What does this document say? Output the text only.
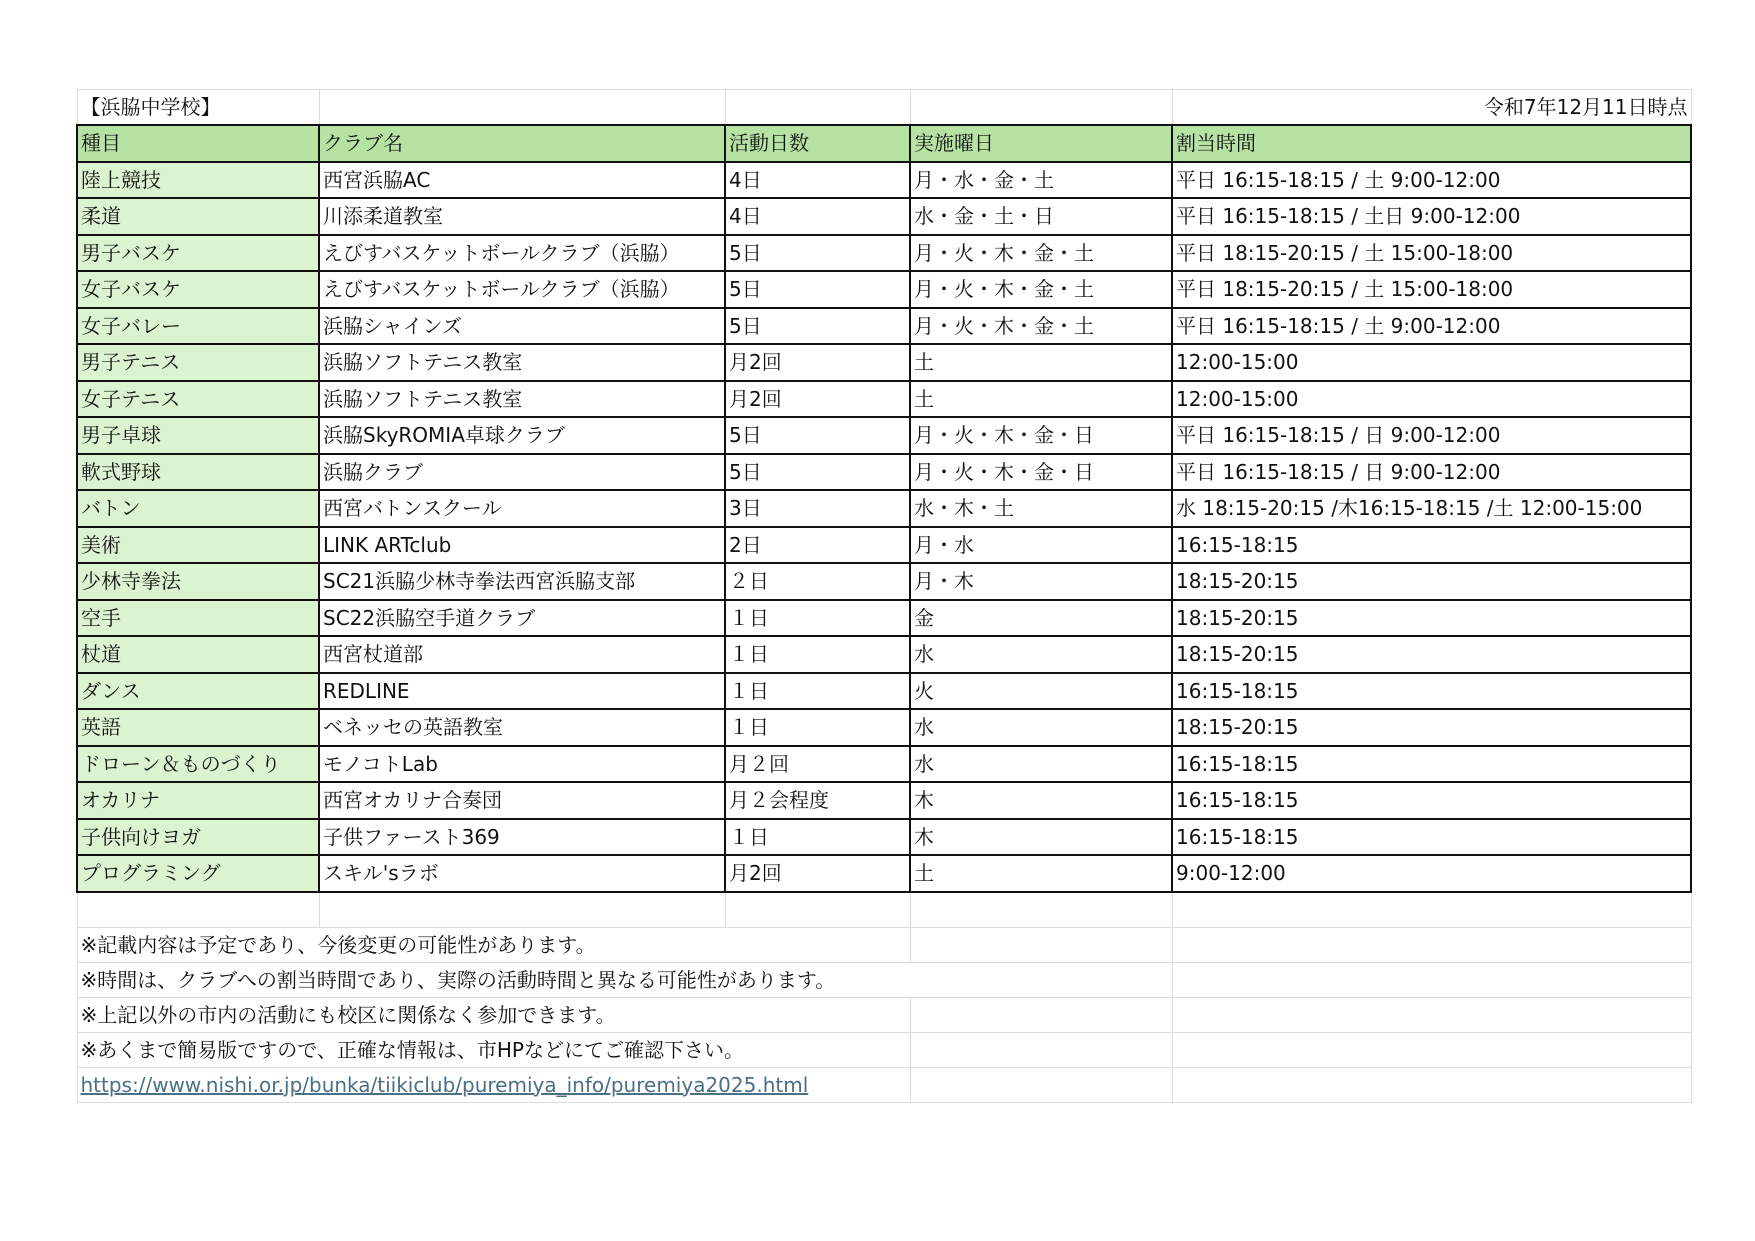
【浜脇中学校】				令和7年12月11日時点
種目	クラブ名	活動日数	実施曜日	割当時間
陸上競技	西宮浜脇AC	4日	月・水・金・土	平日 16:15-18:15 / 土 9:00-12:00
柔道	川添柔道教室	4日	水・金・土・日	平日 16:15-18:15 / 土日 9:00-12:00
男子バスケ	えびすバスケットボールクラブ（浜脇）	5日	月・火・木・金・土	平日 18:15-20:15 / 土 15:00-18:00
女子バスケ	えびすバスケットボールクラブ（浜脇）	5日	月・火・木・金・土	平日 18:15-20:15 / 土 15:00-18:00
女子バレー	浜脇シャインズ	5日	月・火・木・金・土	平日 16:15-18:15 / 土 9:00-12:00
男子テニス	浜脇ソフトテニス教室	月2回	土	12:00-15:00
女子テニス	浜脇ソフトテニス教室	月2回	土	12:00-15:00
男子卓球	浜脇SkyROMIA卓球クラブ	5日	月・火・木・金・日	平日 16:15-18:15 / 日 9:00-12:00
軟式野球	浜脇クラブ	5日	月・火・木・金・日	平日 16:15-18:15 / 日 9:00-12:00
バトン	西宮バトンスクール	3日	水・木・土	水 18:15-20:15 /木16:15-18:15 /土 12:00-15:00
美術	LINK ARTclub	2日	月・水	16:15-18:15
少林寺拳法	SC21浜脇少林寺拳法西宮浜脇支部	２日	月・木	18:15-20:15
空手	SC22浜脇空手道クラブ	１日	金	18:15-20:15
杖道	西宮杖道部	１日	水	18:15-20:15
ダンス	REDLINE	１日	火	16:15-18:15
英語	ベネッセの英語教室	１日	水	18:15-20:15
ドローン＆ものづくり	モノコトLab	月２回	水	16:15-18:15
オカリナ	西宮オカリナ合奏団	月２会程度	木	16:15-18:15
子供向けヨガ	子供ファースト369	１日	木	16:15-18:15
プログラミング	スキル'sラボ	月2回	土	9:00-12:00

※記載内容は予定であり、今後変更の可能性があります。				
※時間は、クラブへの割当時間であり、実際の活動時間と異なる可能性があります。				
※上記以外の市内の活動にも校区に関係なく参加できます。				
※あくまで簡易版ですので、正確な情報は、市HPなどにてご確認下さい。				
https://www.nishi.or.jp/bunka/tiikiclub/puremiya_info/puremiya2025.html				
